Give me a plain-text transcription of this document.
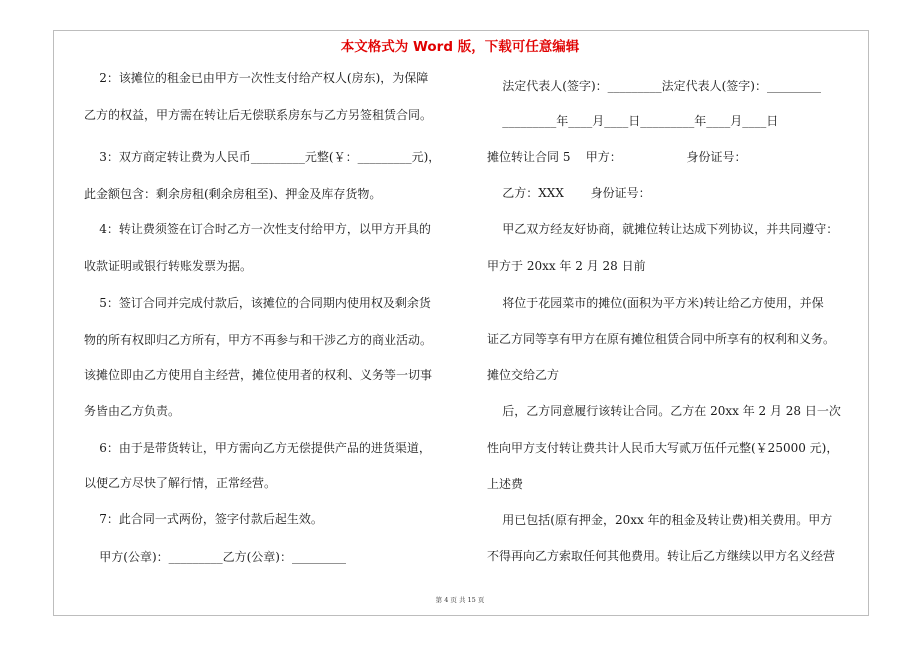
本文格式为 Word 版，下载可任意编辑
2：该摊位的租金已由甲方一次性支付给产权人(房东)，为保障
乙方的权益，甲方需在转让后无偿联系房东与乙方另签租赁合同。
3：双方商定转让费为人民币_________元整(￥：_________元)，
此金额包含：剩余房租(剩余房租至)、押金及库存货物。
4：转让费须签在订合时乙方一次性支付给甲方，以甲方开具的
收款证明或银行转账发票为据。
5：签订合同并完成付款后，该摊位的合同期内使用权及剩余货
物的所有权即归乙方所有，甲方不再参与和干涉乙方的商业活动。
该摊位即由乙方使用自主经营，摊位使用者的权利、义务等一切事
务皆由乙方负责。
6：由于是带货转让，甲方需向乙方无偿提供产品的进货渠道，
以便乙方尽快了解行情，正常经营。
7：此合同一式两份，签字付款后起生效。
甲方(公章)：_________乙方(公章)：_________
法定代表人(签字)：_________法定代表人(签字)：_________
_________年____月____日_________年____月____日
摊位转让合同 5    甲方：                 身份证号：
乙方：XXX       身份证号：
甲乙双方经友好协商，就摊位转让达成下列协议，并共同遵守：
甲方于 20xx 年 2 月 28 日前
将位于花园菜市的摊位(面积为平方米)转让给乙方使用，并保
证乙方同等享有甲方在原有摊位租赁合同中所享有的权利和义务。
摊位交给乙方
后，乙方同意履行该转让合同。乙方在 20xx 年 2 月 28 日一次
性向甲方支付转让费共计人民币大写贰万伍仟元整(￥25000 元)，
上述费
用已包括(原有押金，20xx 年的租金及转让费)相关费用。甲方
不得再向乙方索取任何其他费用。转让后乙方继续以甲方名义经营
第 4 页 共 15 页
